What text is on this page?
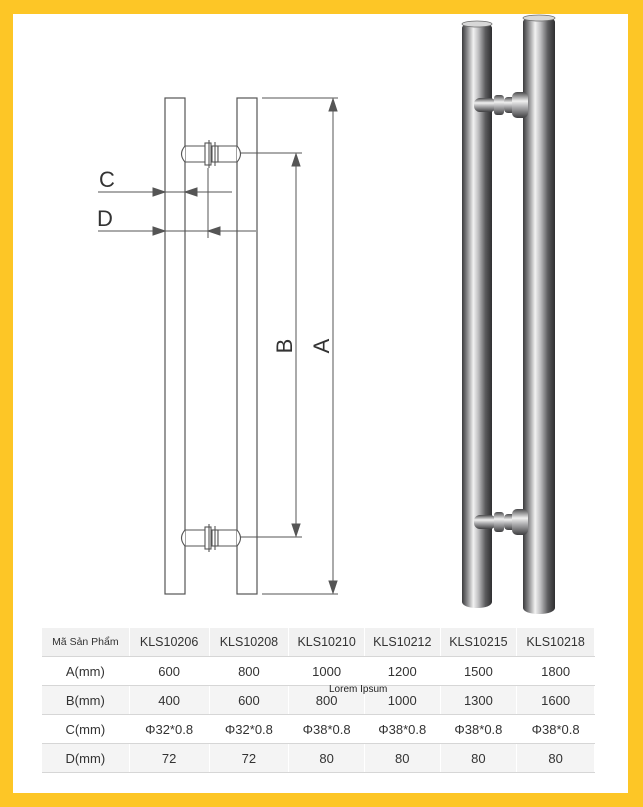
C
D
B A
Mã Sản Phẩm	KLS10206	KLS10208	KLS10210	KLS10212	KLS10215	KLS10218
A(mm)	600	800	1000	1200	1500	1800
B(mm)	400	600	800	1000	1300	1600
C(mm)	Φ32*0.8	Φ32*0.8	Φ38*0.8	Φ38*0.8	Φ38*0.8	Φ38*0.8
D(mm)	72	72	80	80	80	80
Lorem Ipsum
